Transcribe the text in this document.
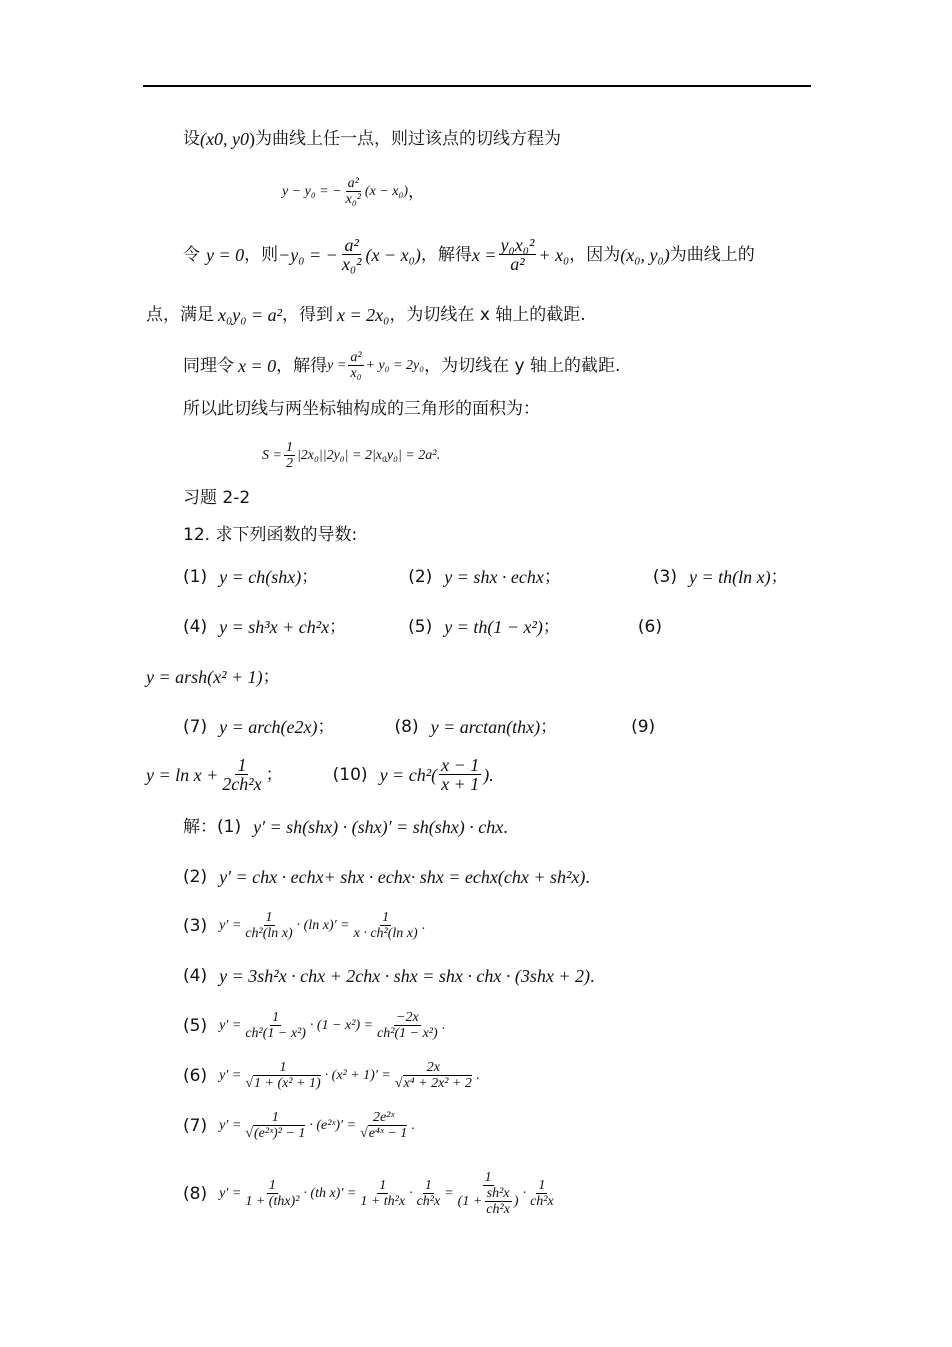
设 (x 0 , y 0 ) 为曲线上任一点，则过该点的切线方程为
y − y₀ = − $\frac{\text{a²}}{\text{x₀²}} (x - x_0)$ ，
令 y = 0 ，则 −y₀ = − $\frac{\text{a²}}{\text{x₀²}} (x - x_0)$ ，解得 $x = \frac{\text{y₀x₀²}}{\text{a²}} + x_0$ ，因为 (x₀, y₀) 为曲线上的
点，满足 x₀y₀ = a² ，得到 x = 2x₀ ，为切线在 x 轴上的截距.
同理令 x = 0 ，解得 $y = \frac{\text{a²}}{\text{x₀}} + y_0 = 2y_0$ ，为切线在 y 轴上的截距.
所以此切线与两坐标轴构成的三角形的面积为：
$S = \frac{1}{2} |2x_0||2y_0| = 2|x_0y_0| = 2a^2$ .
习题 2-2
12. 求下列函数的导数:
(1) y = ch(shx) ；	(2) y = shx · e chx ；	(3) y = th(ln x) ；
(4) y = sh³x + ch²x ；	(5) y = th(1 − x²) ；	(6)
y = arsh(x² + 1) ；
(7) y = arch(e 2x ) ；	(8) y = arctan(thx) ；	(9)
$y = \ln x + \frac{1}{\text{2ch²x}}$ ；	(10) $y = ch^2( \frac{x - 1}{x + 1}$ ).
解：(1) y′ = sh(shx) · (shx)′ = sh(shx) · chx .
(2) y′ = chx · e chx + shx · e chx · shx = e chx (chx + sh²x) .
(3) $y' = \frac{1}{\text{ch²(ln x)}} \cdot (\ln$ $x)' = \frac{1}{\text{x · ch²(ln x)}}$ .
(4) y = 3sh²x · chx + 2chx · shx = shx · chx · (3shx + 2) .
(5) $y' = \frac{1}{\text{ch²(1 − x²)}} \cdot (1 - x^2) = \frac{-2x}{\text{ch²(1 − x²)}}$ .
(6) $y' = \frac{1}{\text{√1 + (x² + 1)}} \cdot (x^2 + 1)' = \frac{2x}{\text{√x⁴ + 2x² + 2}}$ .
(7) $y' = \frac{1}{\text{√(e²ˣ)² − 1}}$ · (e²ˣ)′ = $\frac{\text{2e²ˣ}}{\text{√e⁴ˣ − 1}}$ .
(8) $y' = \frac{1}{\text{1 + (thx)²}} \cdot (th$ $x)' = \frac{1}{\text{1 + th²x}} \cdot \frac{1}{\text{ch²x}} = \frac{1}{(1 + \frac{\text{sh²x}}{\text{ch²x}} )} \cdot \frac{1}{\text{ch²x}}$
